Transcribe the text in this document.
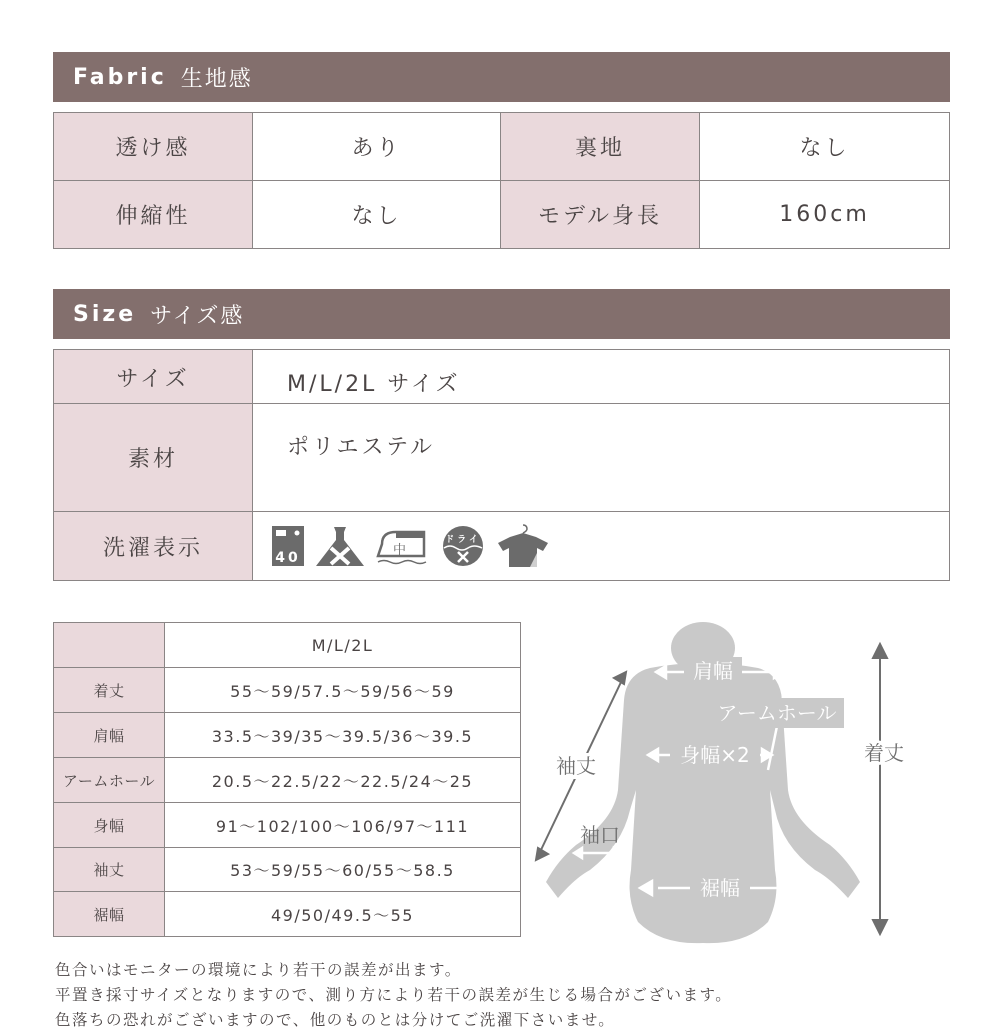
Fabric 生地感
透け感	あり	裏地	なし
伸縮性	なし	モデル身長	160cm
Size サイズ感
サイズ	M/L/2L サイズ
素材	ポリエステル
洗濯表示	40 中
ドライ
	M/L/2L
着丈	55〜59/57.5〜59/56〜59
肩幅	33.5〜39/35〜39.5/36〜39.5
アームホール	20.5〜22.5/22〜22.5/24〜25
身幅	91〜102/100〜106/97〜111
袖丈	53〜59/55〜60/55〜58.5
裾幅	49/50/49.5〜55
肩幅
アームホール
身幅×2
裾幅
袖丈
袖口
着丈
色合いはモニターの環境により若干の誤差が出ます。
平置き採寸サイズとなりますので、測り方により若干の誤差が生じる場合がございます。
色落ちの恐れがございますので、他のものとは分けてご洗濯下さいませ。
